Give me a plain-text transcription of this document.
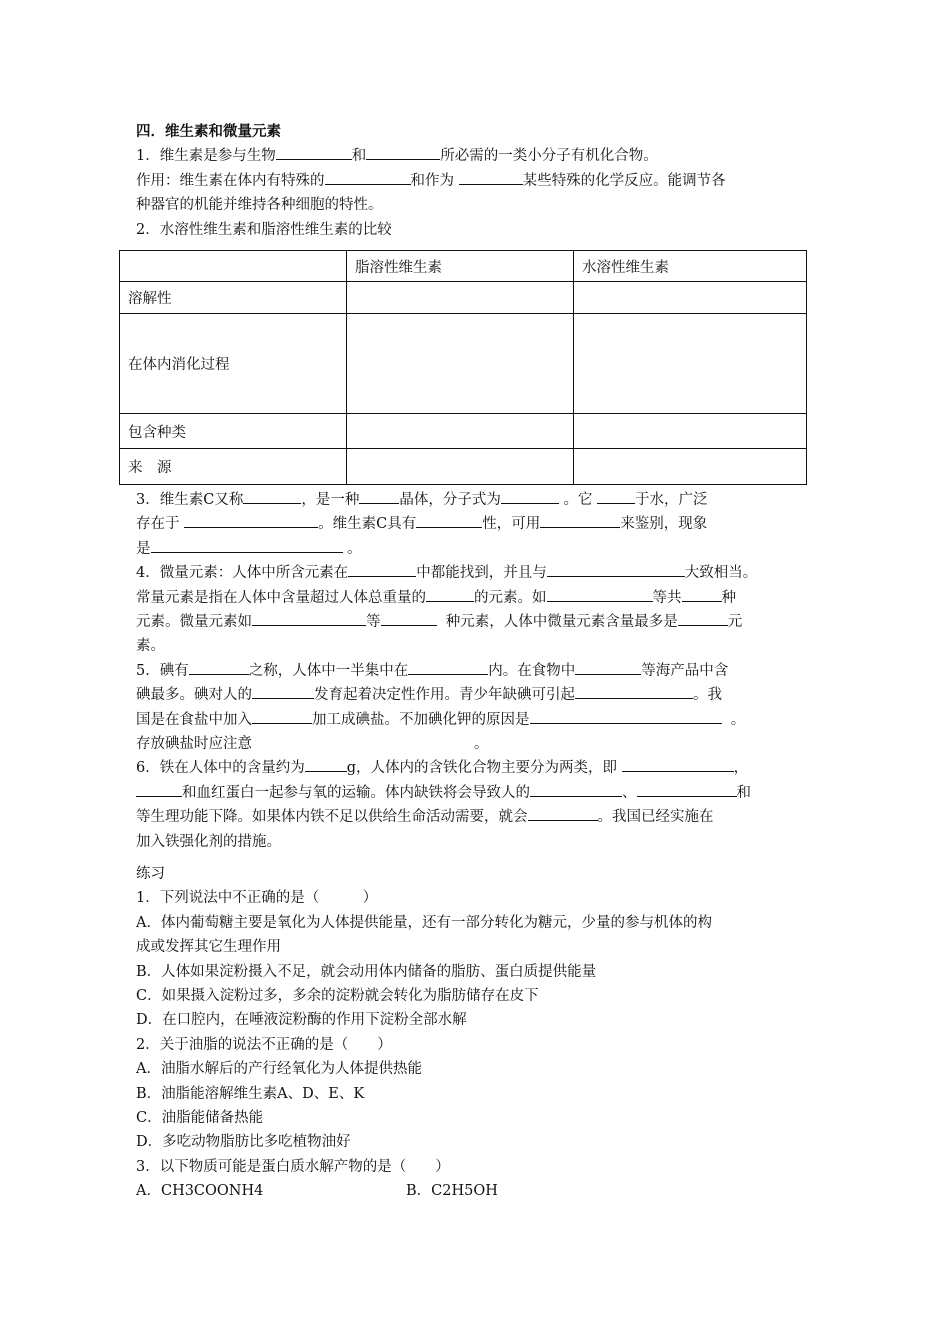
四．维生素和微量元素
1．维生素是参与生物	和	所必需的一类小分子有机化合物。
作用：维生素在体内有特殊的	和作为	某些特殊的化学反应。能调节各
种器官的机能并维持各种细胞的特性。
2．水溶性维生素和脂溶性维生素的比较
	脂溶性维生素	水溶性维生素
溶解性		
在体内消化过程		
包含种类		
来　源		
3．维生素C又称	，是一种	晶体，分子式为	。它	于水，广泛
存在于	。维生素C具有	性，可用	来鉴别，现象
是	。
4．微量元素：人体中所含元素在	中都能找到，并且与	大致相当。
常量元素是指在人体中含量超过人体总重量的	的元素。如	等共	种
元素。微量元素如	等	种元素，人体中微量元素含量最多是	元
素。
5．碘有	之称，人体中一半集中在	内。在食物中	等海产品中含
碘最多。碘对人的	发育起着决定性作用。青少年缺碘可引起	。我
国是在食盐中加入	加工成碘盐。不加碘化钾的原因是	。
存放碘盐时应注意	。
6．铁在人体中的含量约为	g，人体内的含铁化合物主要分为两类，即	，
和血红蛋白一起参与氧的运输。体内缺铁将会导致人的	、	和
等生理功能下降。如果体内铁不足以供给生命活动需要，就会	。我国已经实施在
加入铁强化剂的措施。
练习
1．下列说法中不正确的是（　　　）
A．体内葡萄糖主要是氧化为人体提供能量，还有一部分转化为糖元，少量的参与机体的构
成或发挥其它生理作用
B．人体如果淀粉摄入不足，就会动用体内储备的脂肪、蛋白质提供能量
C．如果摄入淀粉过多，多余的淀粉就会转化为脂肪储存在皮下
D．在口腔内，在唾液淀粉酶的作用下淀粉全部水解
2．关于油脂的说法不正确的是（　　）
A．油脂水解后的产行经氧化为人体提供热能
B．油脂能溶解维生素A、D、E、K
C．油脂能储备热能
D．多吃动物脂肪比多吃植物油好
3．以下物质可能是蛋白质水解产物的是（　　）
A．CH3COONH4	B．C2H5OH
